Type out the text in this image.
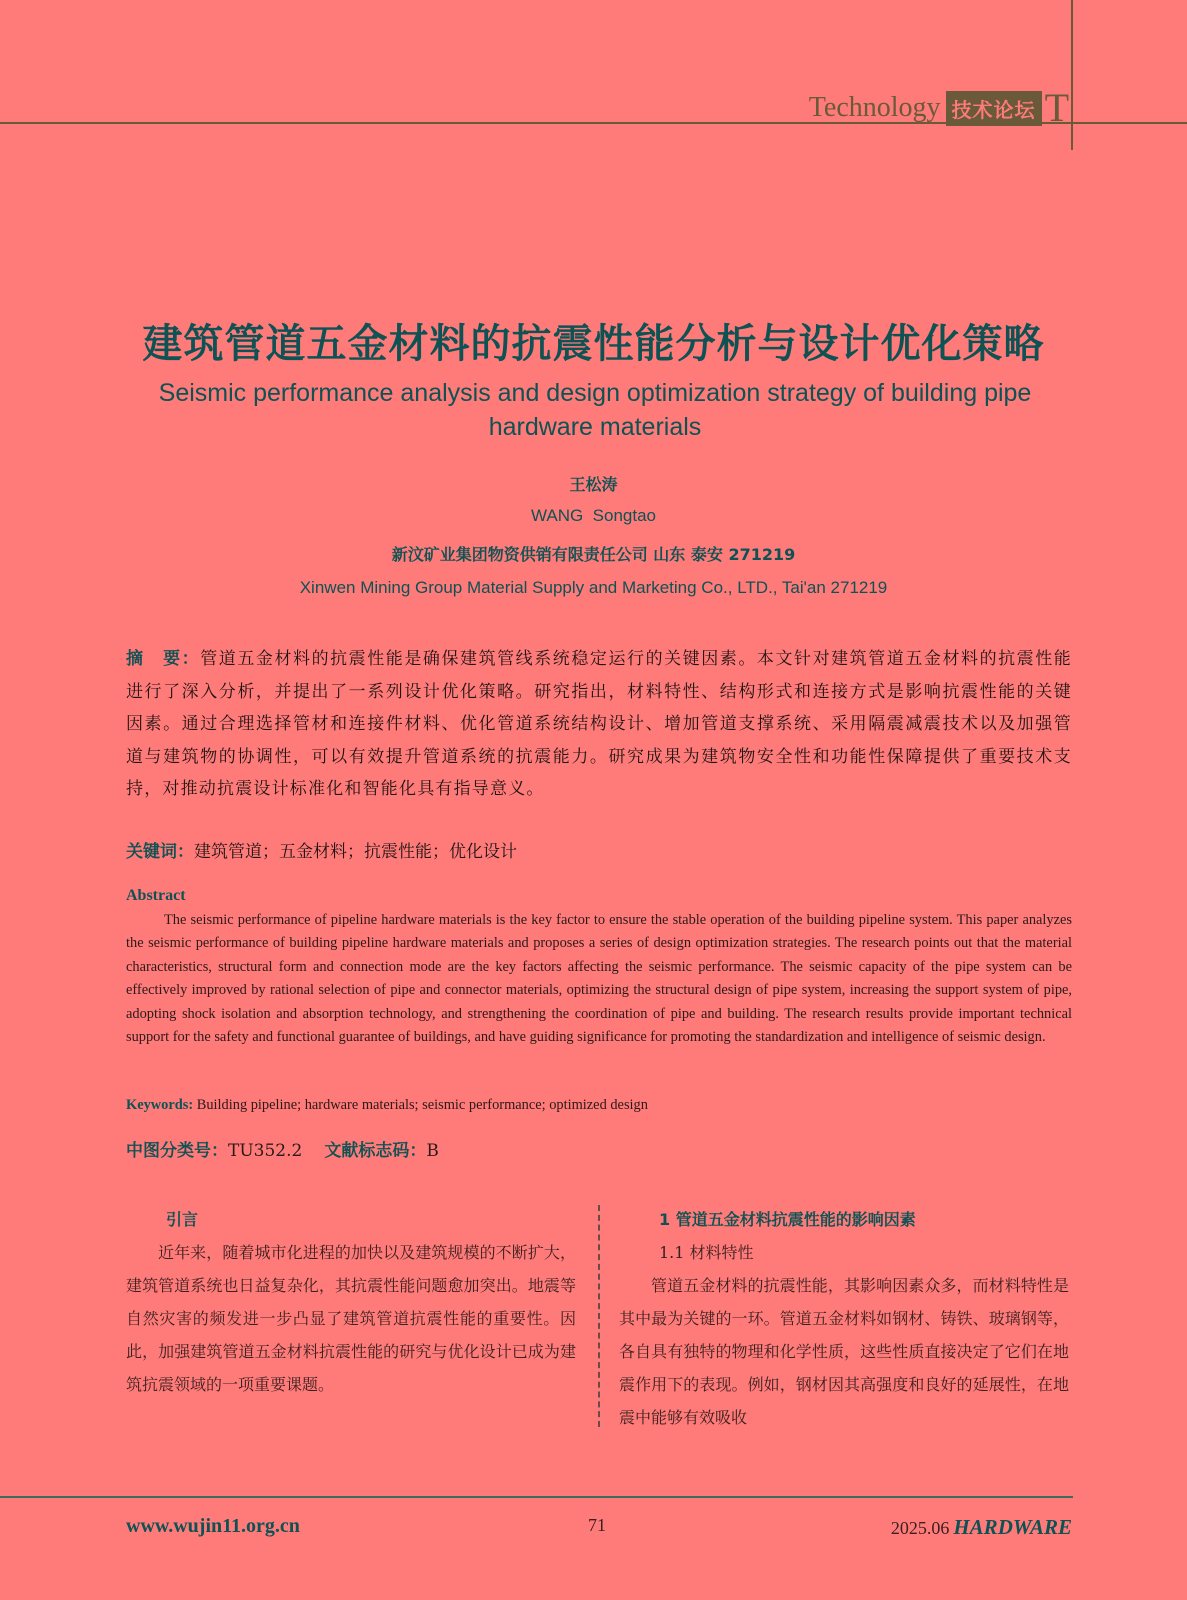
Technology 技术论坛 T
建筑管道五金材料的抗震性能分析与设计优化策略
Seismic performance analysis and design optimization strategy of building pipe hardware materials
王松涛
WANG  Songtao
新汶矿业集团物资供销有限责任公司 山东 泰安 271219
Xinwen Mining Group Material Supply and Marketing Co., LTD., Tai'an 271219
摘　要：管道五金材料的抗震性能是确保建筑管线系统稳定运行的关键因素。本文针对建筑管道五金材料的抗震性能进行了深入分析，并提出了一系列设计优化策略。研究指出，材料特性、结构形式和连接方式是影响抗震性能的关键因素。通过合理选择管材和连接件材料、优化管道系统结构设计、增加管道支撑系统、采用隔震减震技术以及加强管道与建筑物的协调性，可以有效提升管道系统的抗震能力。研究成果为建筑物安全性和功能性保障提供了重要技术支持，对推动抗震设计标准化和智能化具有指导意义。
关键词：建筑管道；五金材料；抗震性能；优化设计
Abstract
The seismic performance of pipeline hardware materials is the key factor to ensure the stable operation of the building pipeline system. This paper analyzes the seismic performance of building pipeline hardware materials and proposes a series of design optimization strategies. The research points out that the material characteristics, structural form and connection mode are the key factors affecting the seismic performance. The seismic capacity of the pipe system can be effectively improved by rational selection of pipe and connector materials, optimizing the structural design of pipe system, increasing the support system of pipe, adopting shock isolation and absorption technology, and strengthening the coordination of pipe and building. The research results provide important technical support for the safety and functional guarantee of buildings, and have guiding significance for promoting the standardization and intelligence of seismic design.
Keywords: Building pipeline; hardware materials; seismic performance; optimized design
中图分类号：TU352.2 文献标志码：B
引言

近年来，随着城市化进程的加快以及建筑规模的不断扩大，建筑管道系统也日益复杂化，其抗震性能问题愈加突出。地震等自然灾害的频发进一步凸显了建筑管道抗震性能的重要性。因此，加强建筑管道五金材料抗震性能的研究与优化设计已成为建筑抗震领域的一项重要课题。

1 管道五金材料抗震性能的影响因素
1.1 材料特性

管道五金材料的抗震性能，其影响因素众多，而材料特性是其中最为关键的一环。管道五金材料如钢材、铸铁、玻璃钢等，各自具有独特的物理和化学性质，这些性质直接决定了它们在地震作用下的表现。例如，钢材因其高强度和良好的延展性，在地震中能够有效吸收

www.wujin11.org.cn	71	2025.06 HARDWARE
